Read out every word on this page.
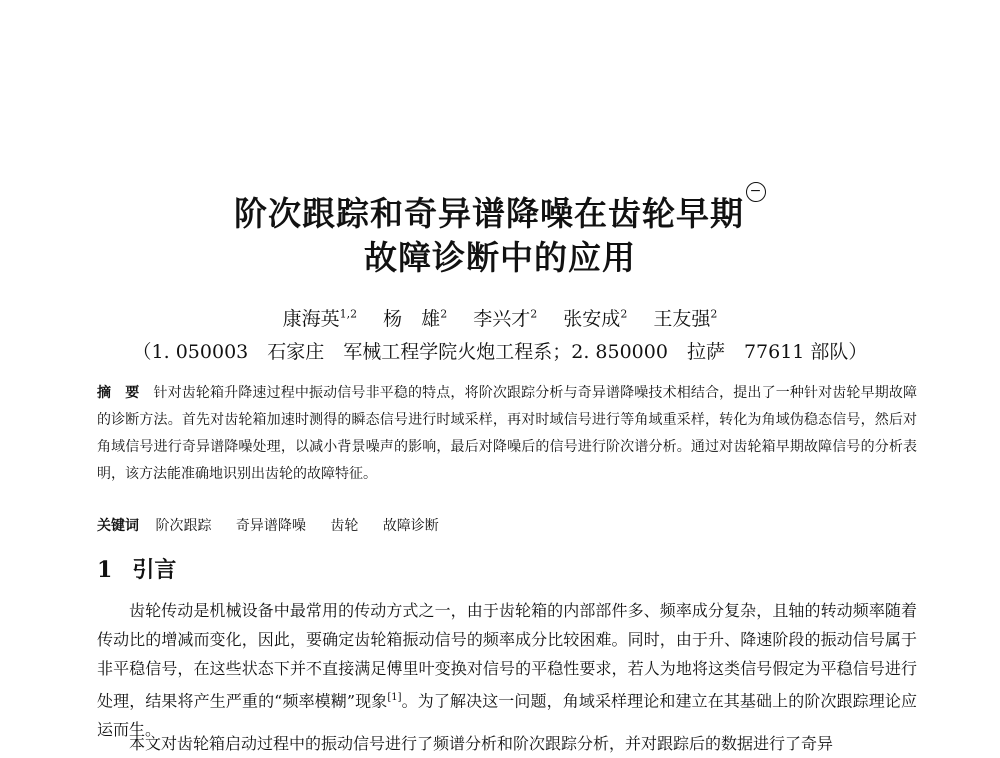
阶次跟踪和奇异谱降噪在齿轮早期−
故障诊断中的应用
康海英$^{1,2}$ 杨　雄$^2$ 李兴才$^2$ 张安成$^2$ 王友强$^2$
（1. 050003　石家庄　军械工程学院火炮工程系；2. 850000　拉萨　77611 部队）
摘　要 针对齿轮箱升降速过程中振动信号非平稳的特点，将阶次跟踪分析与奇异谱降噪技术相结合，提出了一种针对齿轮早期故障的诊断方法。首先对齿轮箱加速时测得的瞬态信号进行时域采样，再对时域信号进行等角域重采样，转化为角域伪稳态信号，然后对角域信号进行奇异谱降噪处理，以减小背景噪声的影响，最后对降噪后的信号进行阶次谱分析。通过对齿轮箱早期故障信号的分析表明，该方法能准确地识别出齿轮的故障特征。
关键词 阶次跟踪 奇异谱降噪 齿轮 故障诊断
1 引言
齿轮传动是机械设备中最常用的传动方式之一，由于齿轮箱的内部部件多、频率成分复杂，且轴的转动频率随着传动比的增减而变化，因此，要确定齿轮箱振动信号的频率成分比较困难。同时，由于升、降速阶段的振动信号属于非平稳信号，在这些状态下并不直接满足傅里叶变换对信号的平稳性要求，若人为地将这类信号假定为平稳信号进行处理，结果将产生严重的“频率模糊”现象[1]。为了解决这一问题，角域采样理论和建立在其基础上的阶次跟踪理论应运而生。
本文对齿轮箱启动过程中的振动信号进行了频谱分析和阶次跟踪分析，并对跟踪后的数据进行了奇异
